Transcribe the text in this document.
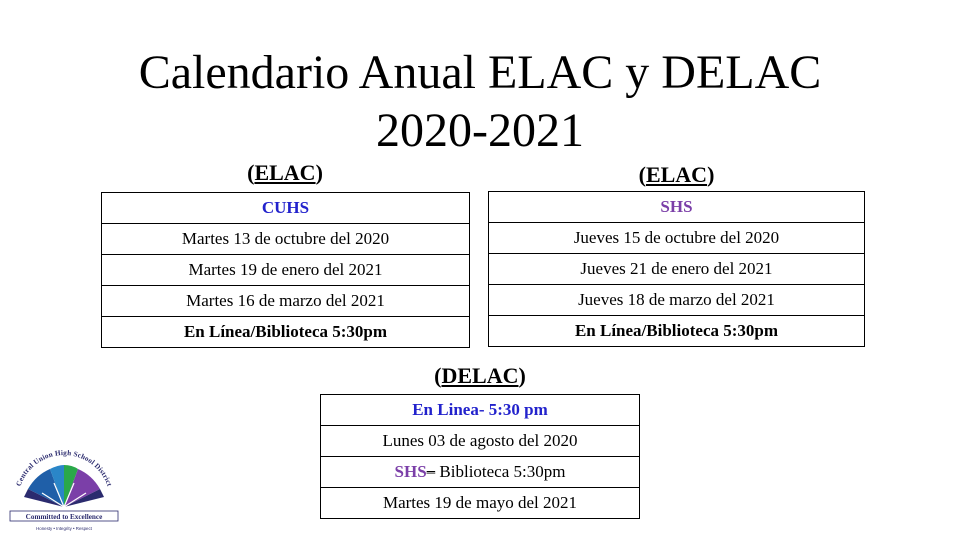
Calendario Anual ELAC y DELAC
2020-2021
(ELAC)
CUHS
Martes 13 de octubre del 2020
Martes 19 de enero del 2021
Martes 16 de marzo del 2021
En Línea/Biblioteca 5:30pm
(ELAC)
SHS
Jueves 15 de octubre del 2020
Jueves 21 de enero del 2021
Jueves 18 de marzo del 2021
En Línea/Biblioteca 5:30pm
(DELAC)
En Linea- 5:30 pm
Lunes 03 de agosto del 2020
SHS– Biblioteca 5:30pm
Martes 19 de mayo del 2021
Central Union High School District
Committed to Excellence
Honesty • Integrity • Respect
